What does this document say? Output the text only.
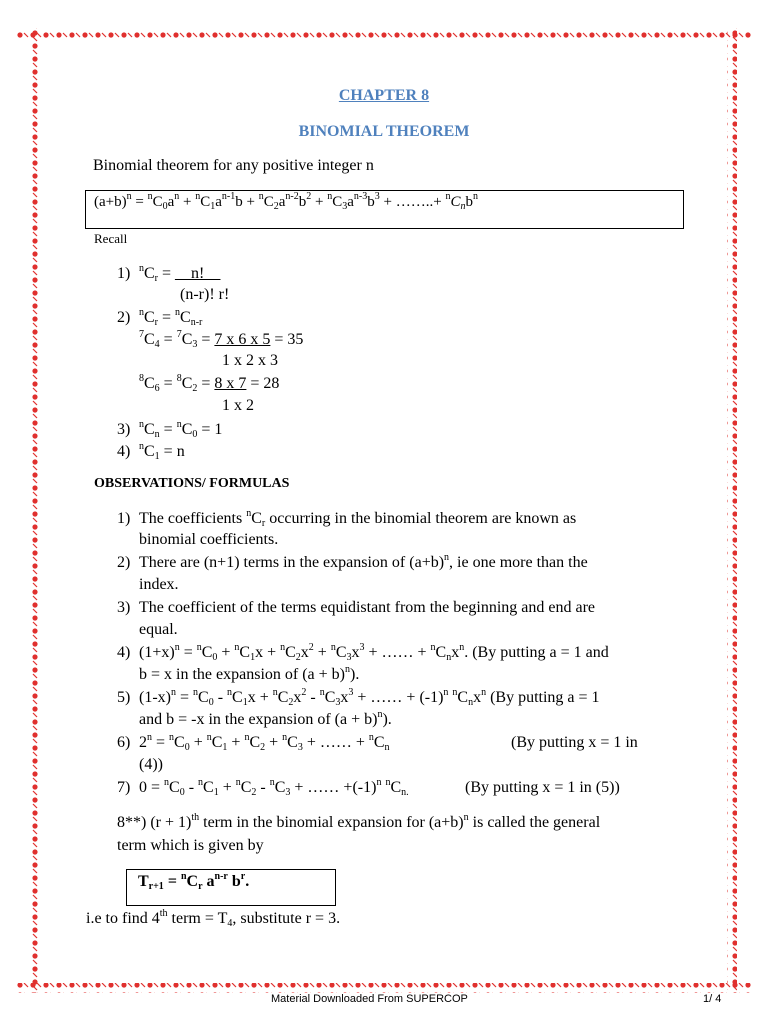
CHAPTER 8
BINOMIAL THEOREM
Binomial theorem for any positive integer n
$(a+b)^n = ^nC_0a^n + ^nC_1a^{n-1}b + ^nC_2a^{n-2}b^2 + ^nC_3a^{n-3}b^3$ + ……..+ $^nC_nb^n$
Recall
1) $^nC_r$ = __n!__
(n-r)! r!
2) $^nC_r = ^nC_{n-r}$
$^7C_4 = ^7C_3 = 7$ x 6 x 5 = 35
1 x 2 x 3
$^8C_6 = ^8C_2 = 8$ x 7 = 28
1 x 2
3) $^nC_n = ^nC_0 = 1$
4) $^nC_1 = n$
OBSERVATIONS/ FORMULAS
1) The coefficients $^nC_r$ occurring in the binomial theorem are known as
binomial coefficients.
2) There are (n+1) terms in the expansion of $(a+b)^n$, ie one more than the
index.
3) The coefficient of the terms equidistant from the beginning and end are
equal.
4) $(1+x)^n = ^nC_0 + ^nC_1x + ^nC_2x^2 + ^nC_3x^3$ + …… + $^nC_nx^n$. (By putting a = 1 and
b = x in the expansion of $(a + b)^n$).
5) $(1-x)^n = ^nC_0 - ^nC_1x + ^nC_2x^2 - ^nC_3x^3$ + …… + $(-1)^n$ $^nC_nx^n$ (By putting a = 1
and b = -x in the expansion of $(a + b)^n$).
6) $2^n = ^nC_0 + ^nC_1 + ^nC_2 + ^nC_3$ + …… + $^nC_n$	(By putting x = 1 in
(4))
7) $0 = ^nC_0 - ^nC_1 + ^nC_2 - ^nC_3$ + …… $+(-1)^n$ $^nC_{n.}$	(By putting x = 1 in (5))
8**) $(r + 1)^{th}$ term in the binomial expansion for $(a+b)^n$ is called the general
term which is given by
$T_{r+1} = ^nC_r$ $a^{n-r}$ $b^r$.
i.e to find 4th term = $T_4$, substitute r = 3.
Material Downloaded From SUPERCOP	1/ 4
